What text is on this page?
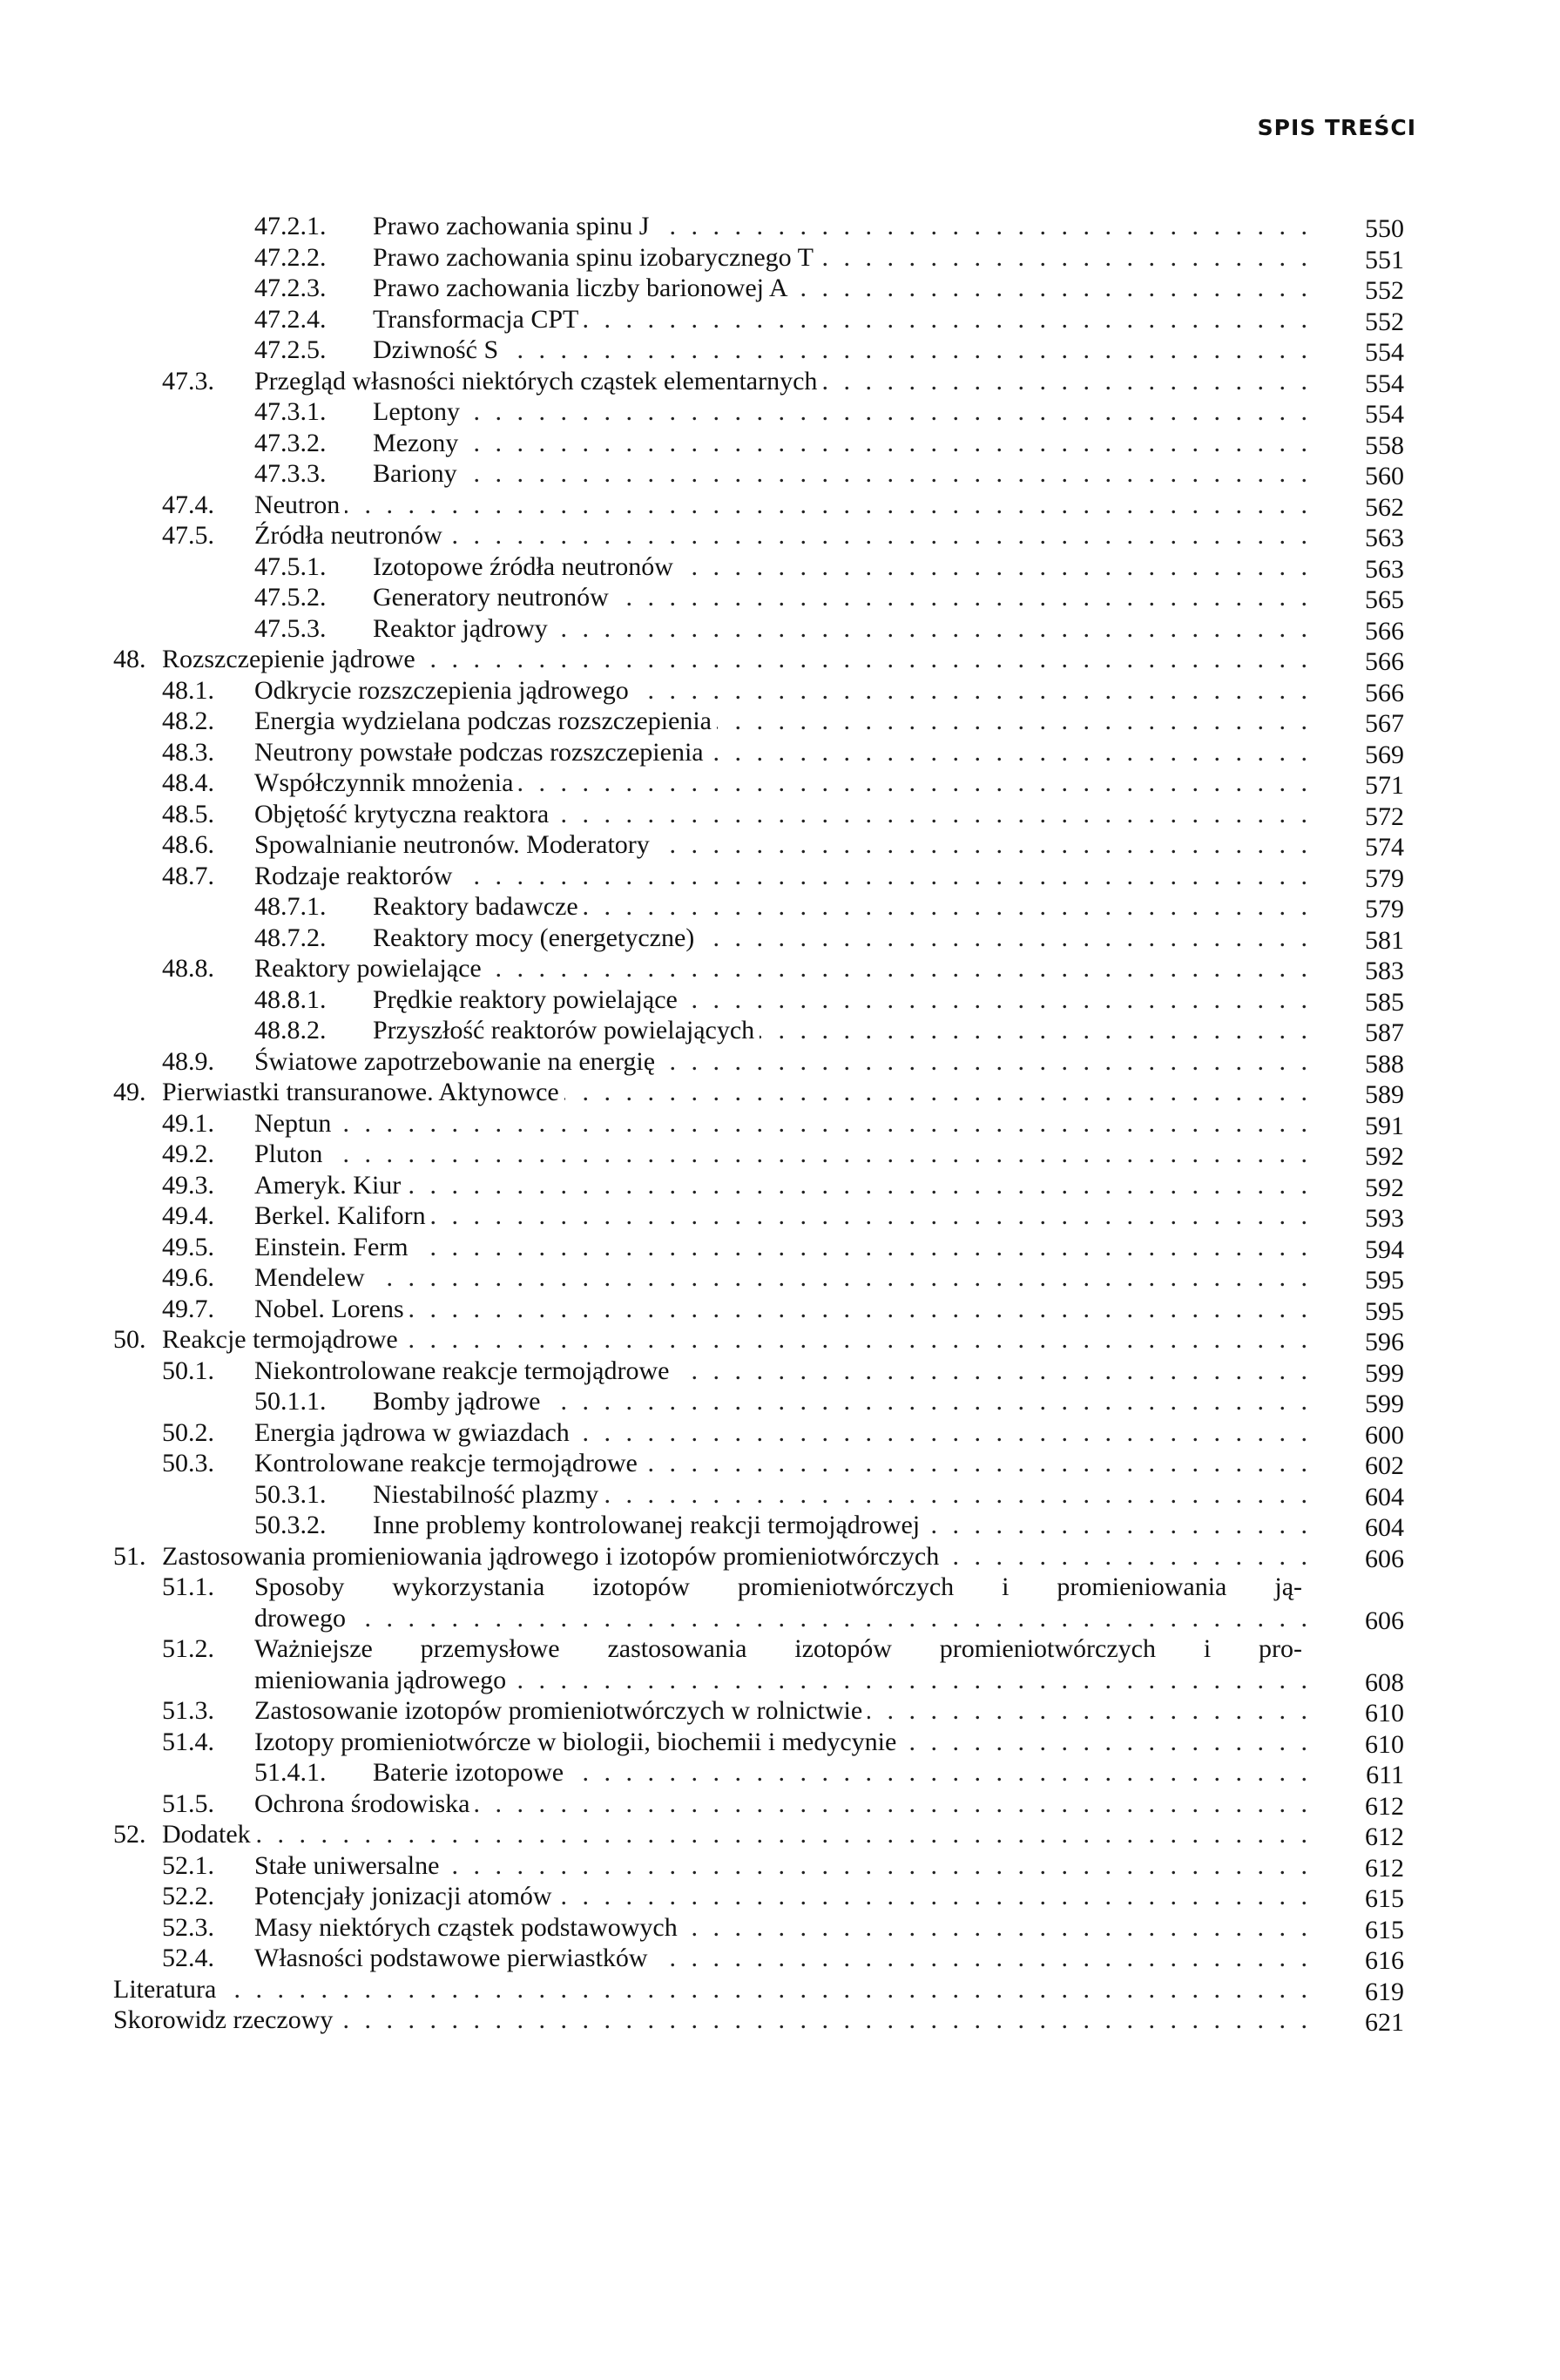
SPIS TREŚCI
47.2.1. Prawo zachowania spinu J . . .	550
47.2.2. Prawo zachowania spinu izobarycznego T . . .	551
47.2.3. Prawo zachowania liczby barionowej A . . .	552
47.2.4. Transformacja CPT . . .	552
47.2.5. Dziwność S . . .	554
47.3. Przegląd własności niektórych cząstek elementarnych . . .	554
47.3.1. Leptony . . .	554
47.3.2. Mezony . . .	558
47.3.3. Bariony . . .	560
47.4. Neutron . . .	562
47.5. Źródła neutronów . . .	563
47.5.1. Izotopowe źródła neutronów . . .	563
47.5.2. Generatory neutronów . . .	565
47.5.3. Reaktor jądrowy . . .	566
48. Rozszczepienie jądrowe . . .	566
48.1. Odkrycie rozszczepienia jądrowego . . .	566
48.2. Energia wydzielana podczas rozszczepienia . . .	567
48.3. Neutrony powstałe podczas rozszczepienia . . .	569
48.4. Współczynnik mnożenia . . .	571
48.5. Objętość krytyczna reaktora . . .	572
48.6. Spowalnianie neutronów. Moderatory . . .	574
48.7. Rodzaje reaktorów . . .	579
48.7.1. Reaktory badawcze . . .	579
48.7.2. Reaktory mocy (energetyczne) . . .	581
48.8. Reaktory powielające . . .	583
48.8.1. Prędkie reaktory powielające . . .	585
48.8.2. Przyszłość reaktorów powielających . . .	587
48.9. Światowe zapotrzebowanie na energię . . .	588
49. Pierwiastki transuranowe. Aktynowce . . .	589
49.1. Neptun . . .	591
49.2. Pluton . . .	592
49.3. Ameryk. Kiur . . .	592
49.4. Berkel. Kaliforn . . .	593
49.5. Einstein. Ferm . . .	594
49.6. Mendelew . . .	595
49.7. Nobel. Lorens . . .	595
50. Reakcje termojądrowe . . .	596
50.1. Niekontrolowane reakcje termojądrowe . . .	599
50.1.1. Bomby jądrowe . . .	599
50.2. Energia jądrowa w gwiazdach . . .	600
50.3. Kontrolowane reakcje termojądrowe . . .	602
50.3.1. Niestabilność plazmy . . .	604
50.3.2. Inne problemy kontrolowanej reakcji termojądrowej . . .	604
51. Zastosowania promieniowania jądrowego i izotopów promieniotwórczych . . .	606
51.1. Sposoby wykorzystania izotopów promieniotwórczych i promieniowania ją-
drowego . . .	606
51.2. Ważniejsze przemysłowe zastosowania izotopów promieniotwórczych i pro-
mieniowania jądrowego . . .	608
51.3. Zastosowanie izotopów promieniotwórczych w rolnictwie . . .	610
51.4. Izotopy promieniotwórcze w biologii, biochemii i medycynie . . .	610
51.4.1. Baterie izotopowe . . .	611
51.5. Ochrona środowiska . . .	612
52. Dodatek . . .	612
52.1. Stałe uniwersalne . . .	612
52.2. Potencjały jonizacji atomów . . .	615
52.3. Masy niektórych cząstek podstawowych . . .	615
52.4. Własności podstawowe pierwiastków . . .	616
Literatura . . .	619
Skorowidz rzeczowy . . .	621
